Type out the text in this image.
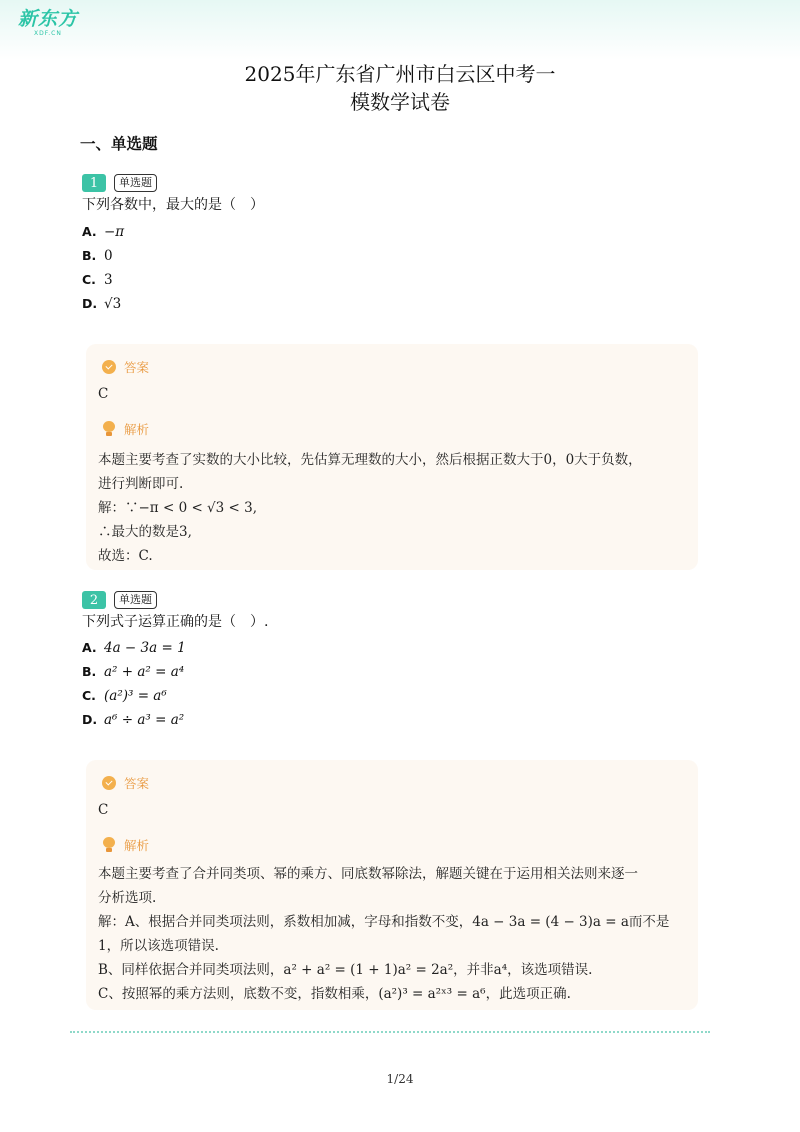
新东方
XDF.CN
2025年广东省广州市白云区中考一
模数学试卷
一、单选题
1	单选题
下列各数中，最大的是（　）
A. −π
B. 0
C. 3
D. √3
答案
C
解析
本题主要考查了实数的大小比较，先估算无理数的大小，然后根据正数大于0，0大于负数，
进行判断即可.
解：∵−π < 0 < √3 < 3,
∴最大的数是3,
故选：C.
2	单选题
下列式子运算正确的是（　）.
A. 4a − 3a = 1
B. a² + a² = a⁴
C. (a²)³ = a⁶
D. a⁶ ÷ a³ = a²
答案
C
解析
本题主要考查了合并同类项、幂的乘方、同底数幂除法，解题关键在于运用相关法则来逐一
分析选项.
解：A、根据合并同类项法则，系数相加减，字母和指数不变，4a − 3a = (4 − 3)a = a而不是
1，所以该选项错误.
B、同样依据合并同类项法则，a² + a² = (1 + 1)a² = 2a²，并非a⁴，该选项错误.
C、按照幂的乘方法则，底数不变，指数相乘，(a²)³ = a²ˣ³ = a⁶，此选项正确.
1/24
